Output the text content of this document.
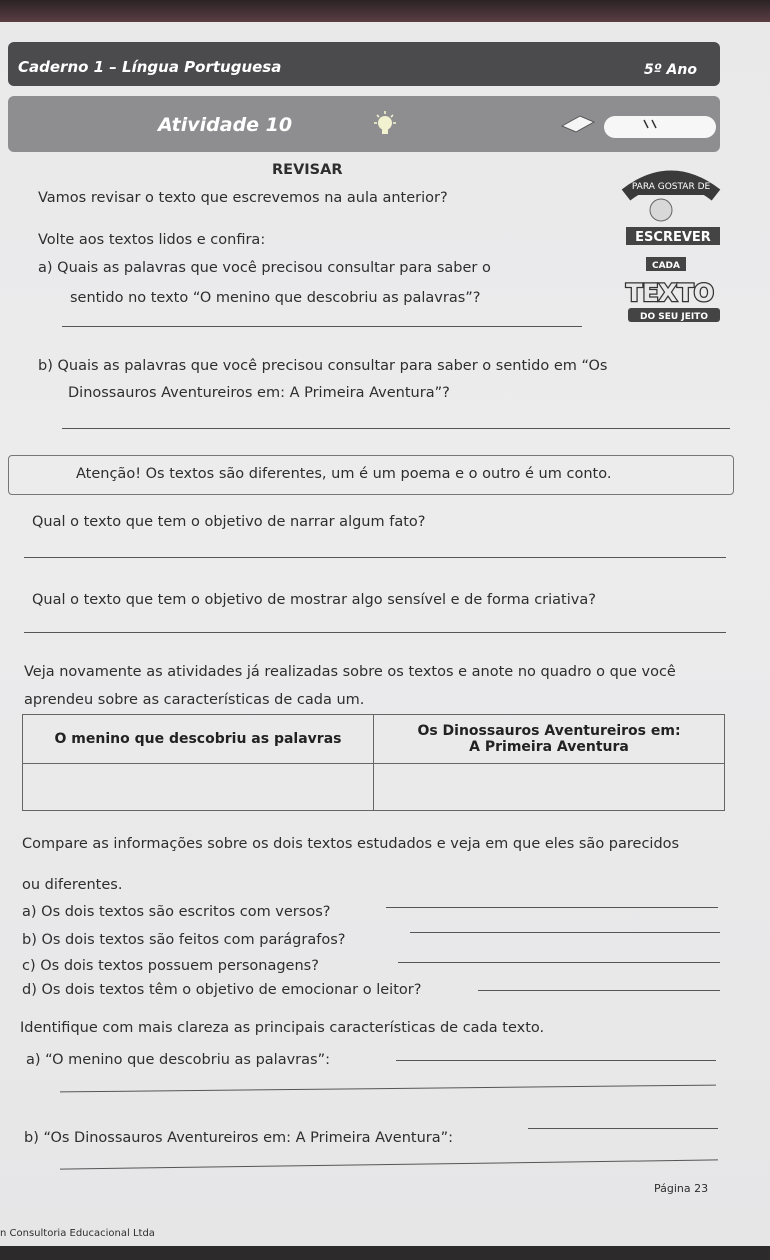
Caderno 1 – Língua Portuguesa	5º Ano
Atividade 10
PARA GOSTAR DE
ESCREVER
CADA
TEXTO
DO SEU JEITO
REVISAR
Vamos revisar o texto que escrevemos na aula anterior?
Volte aos textos lidos e confira:
a) Quais as palavras que você precisou consultar para saber o
sentido no texto “O menino que descobriu as palavras”?
b) Quais as palavras que você precisou consultar para saber o sentido em “Os
Dinossauros Aventureiros em: A Primeira Aventura”?
Atenção! Os textos são diferentes, um é um poema e o outro é um conto.
Qual o texto que tem o objetivo de narrar algum fato?
Qual o texto que tem o objetivo de mostrar algo sensível e de forma criativa?
Veja novamente as atividades já realizadas sobre os textos e anote no quadro o que você
aprendeu sobre as características de cada um.
O menino que descobriu as palavras	Os Dinossauros Aventureiros em:
A Primeira Aventura

Compare as informações sobre os dois textos estudados e veja em que eles são parecidos
ou diferentes.
a) Os dois textos são escritos com versos?
b) Os dois textos são feitos com parágrafos?
c) Os dois textos possuem personagens?
d) Os dois textos têm o objetivo de emocionar o leitor?
Identifique com mais clareza as principais características de cada texto.
a) “O menino que descobriu as palavras”:
b) “Os Dinossauros Aventureiros em: A Primeira Aventura”:
Página 23
n Consultoria Educacional Ltda
